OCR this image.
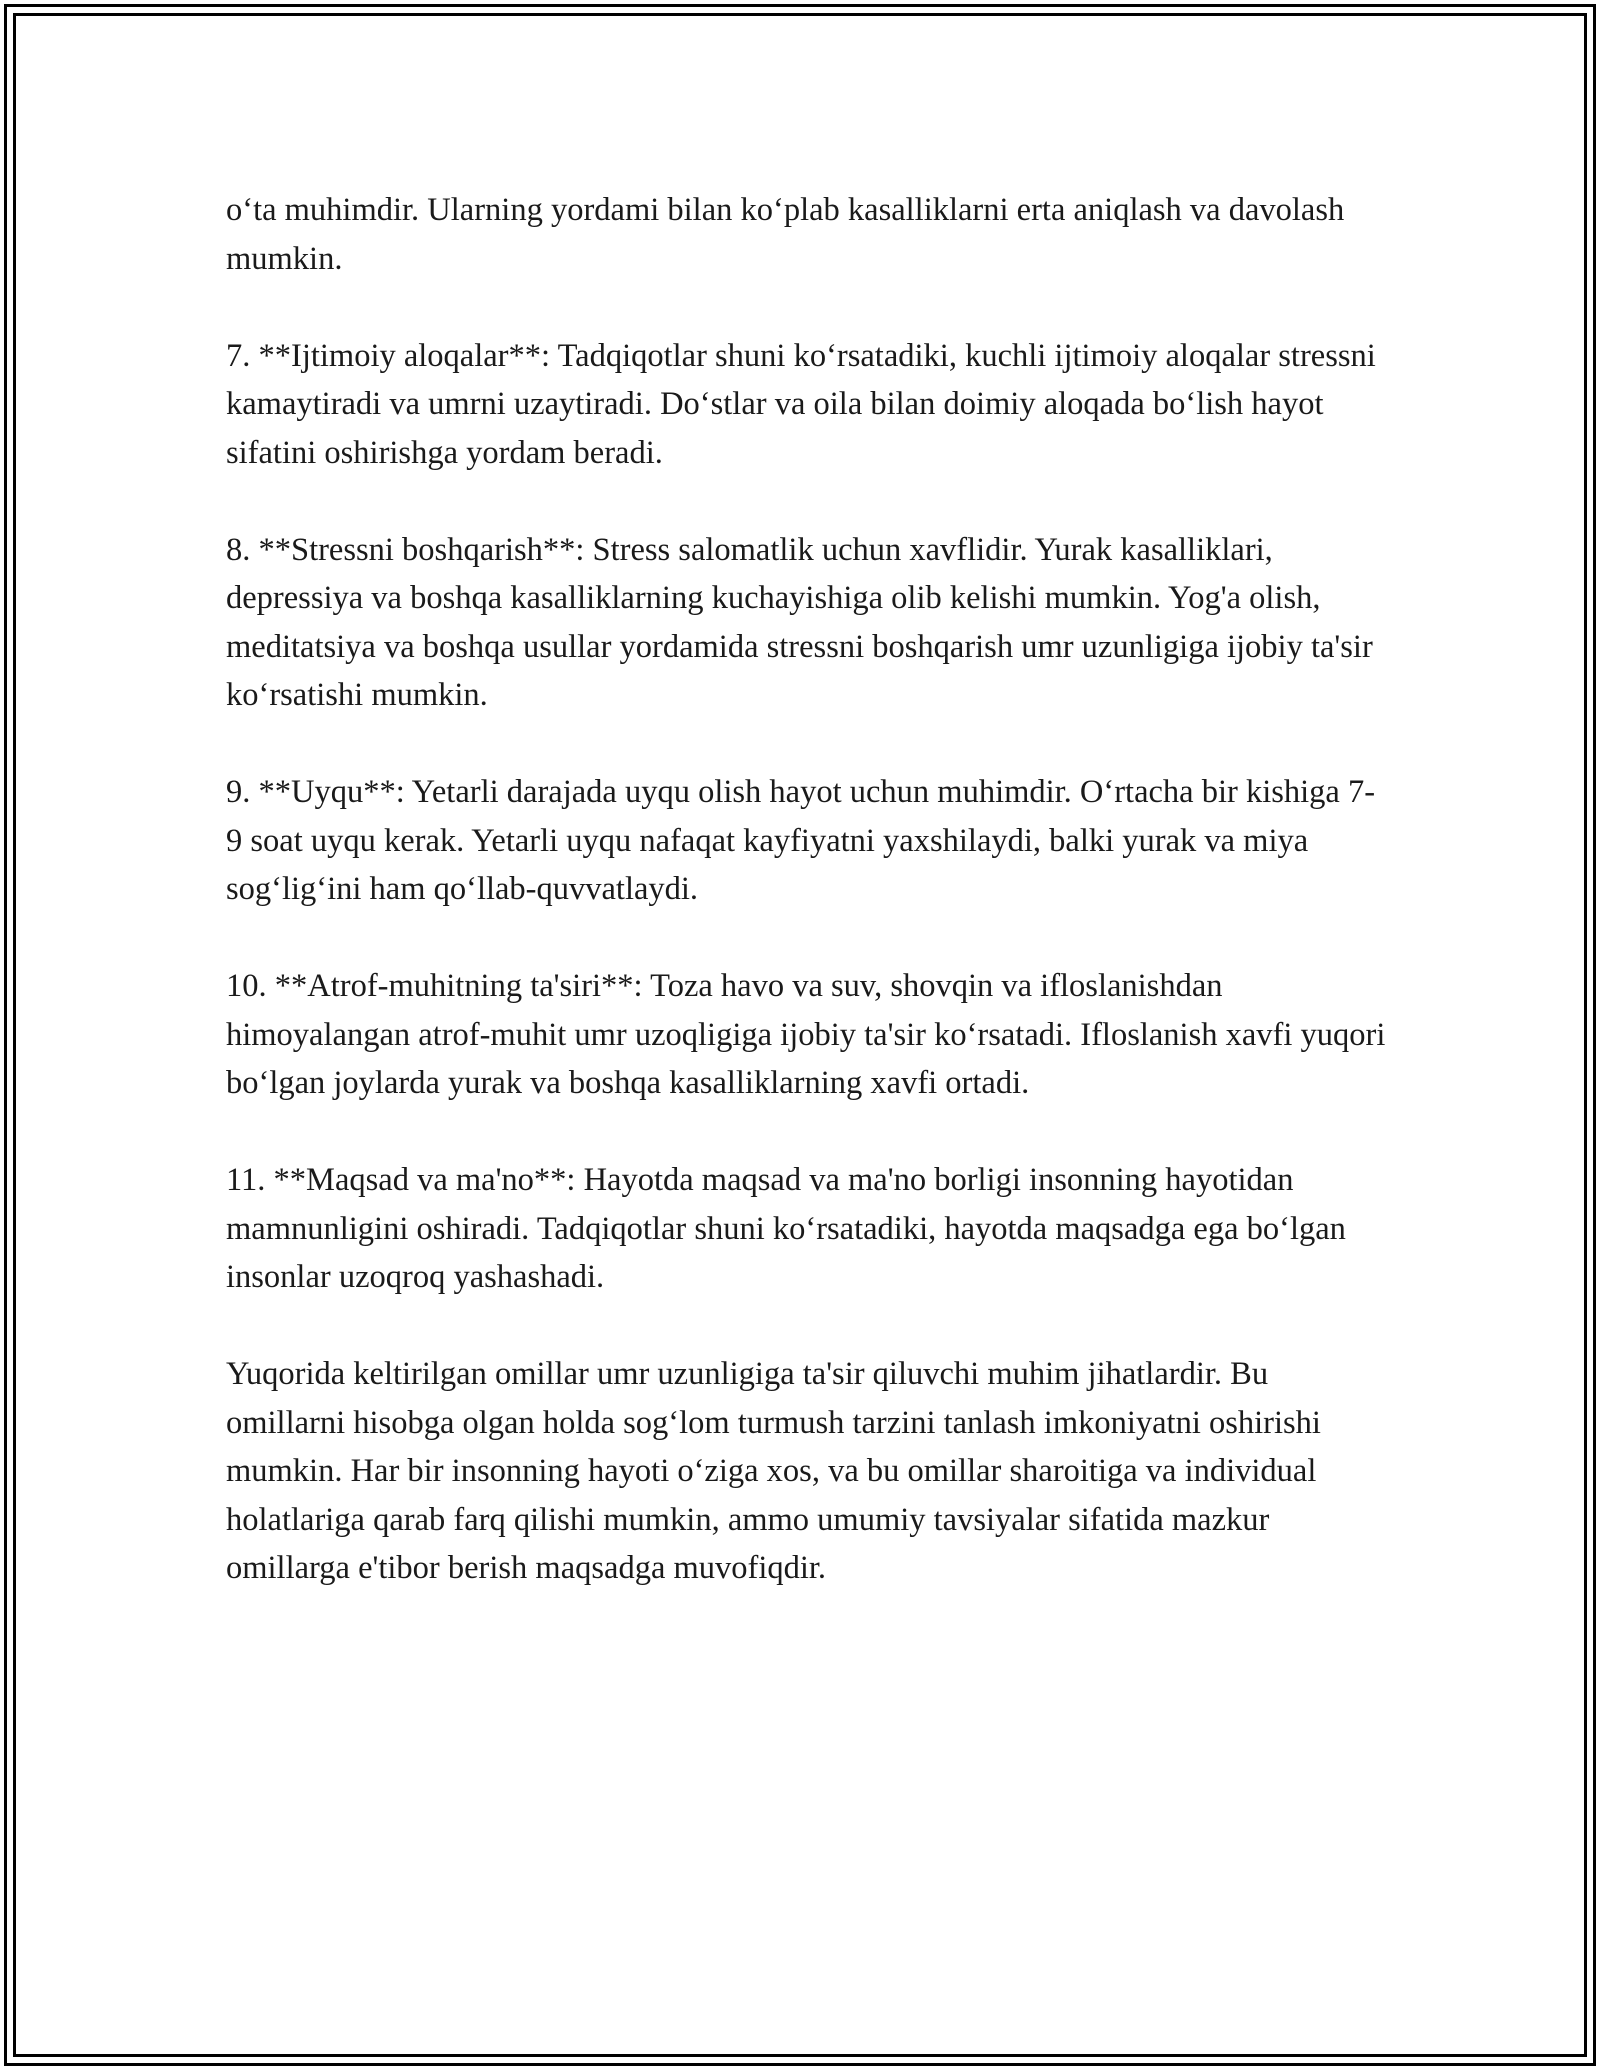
o‘ta muhimdir. Ularning yordami bilan ko‘plab kasalliklarni erta aniqlash va davolash mumkin.

7. **Ijtimoiy aloqalar**: Tadqiqotlar shuni ko‘rsatadiki, kuchli ijtimoiy aloqalar stressni kamaytiradi va umrni uzaytiradi. Do‘stlar va oila bilan doimiy aloqada bo‘lish hayot sifatini oshirishga yordam beradi.

8. **Stressni boshqarish**: Stress salomatlik uchun xavflidir. Yurak kasalliklari, depressiya va boshqa kasalliklarning kuchayishiga olib kelishi mumkin. Yog'a olish, meditatsiya va boshqa usullar yordamida stressni boshqarish umr uzunligiga ijobiy ta'sir ko‘rsatishi mumkin.

9. **Uyqu**: Yetarli darajada uyqu olish hayot uchun muhimdir. O‘rtacha bir kishiga 7-9 soat uyqu kerak. Yetarli uyqu nafaqat kayfiyatni yaxshilaydi, balki yurak va miya sog‘lig‘ini ham qo‘llab-quvvatlaydi.

10. **Atrof-muhitning ta'siri**: Toza havo va suv, shovqin va ifloslanishdan himoyalangan atrof-muhit umr uzoqligiga ijobiy ta'sir ko‘rsatadi. Ifloslanish xavfi yuqori bo‘lgan joylarda yurak va boshqa kasalliklarning xavfi ortadi.

11. **Maqsad va ma'no**: Hayotda maqsad va ma'no borligi insonning hayotidan mamnunligini oshiradi. Tadqiqotlar shuni ko‘rsatadiki, hayotda maqsadga ega bo‘lgan insonlar uzoqroq yashashadi.

Yuqorida keltirilgan omillar umr uzunligiga ta'sir qiluvchi muhim jihatlardir. Bu omillarni hisobga olgan holda sog‘lom turmush tarzini tanlash imkoniyatni oshirishi mumkin. Har bir insonning hayoti o‘ziga xos, va bu omillar sharoitiga va individual holatlariga qarab farq qilishi mumkin, ammo umumiy tavsiyalar sifatida mazkur omillarga e'tibor berish maqsadga muvofiqdir.
